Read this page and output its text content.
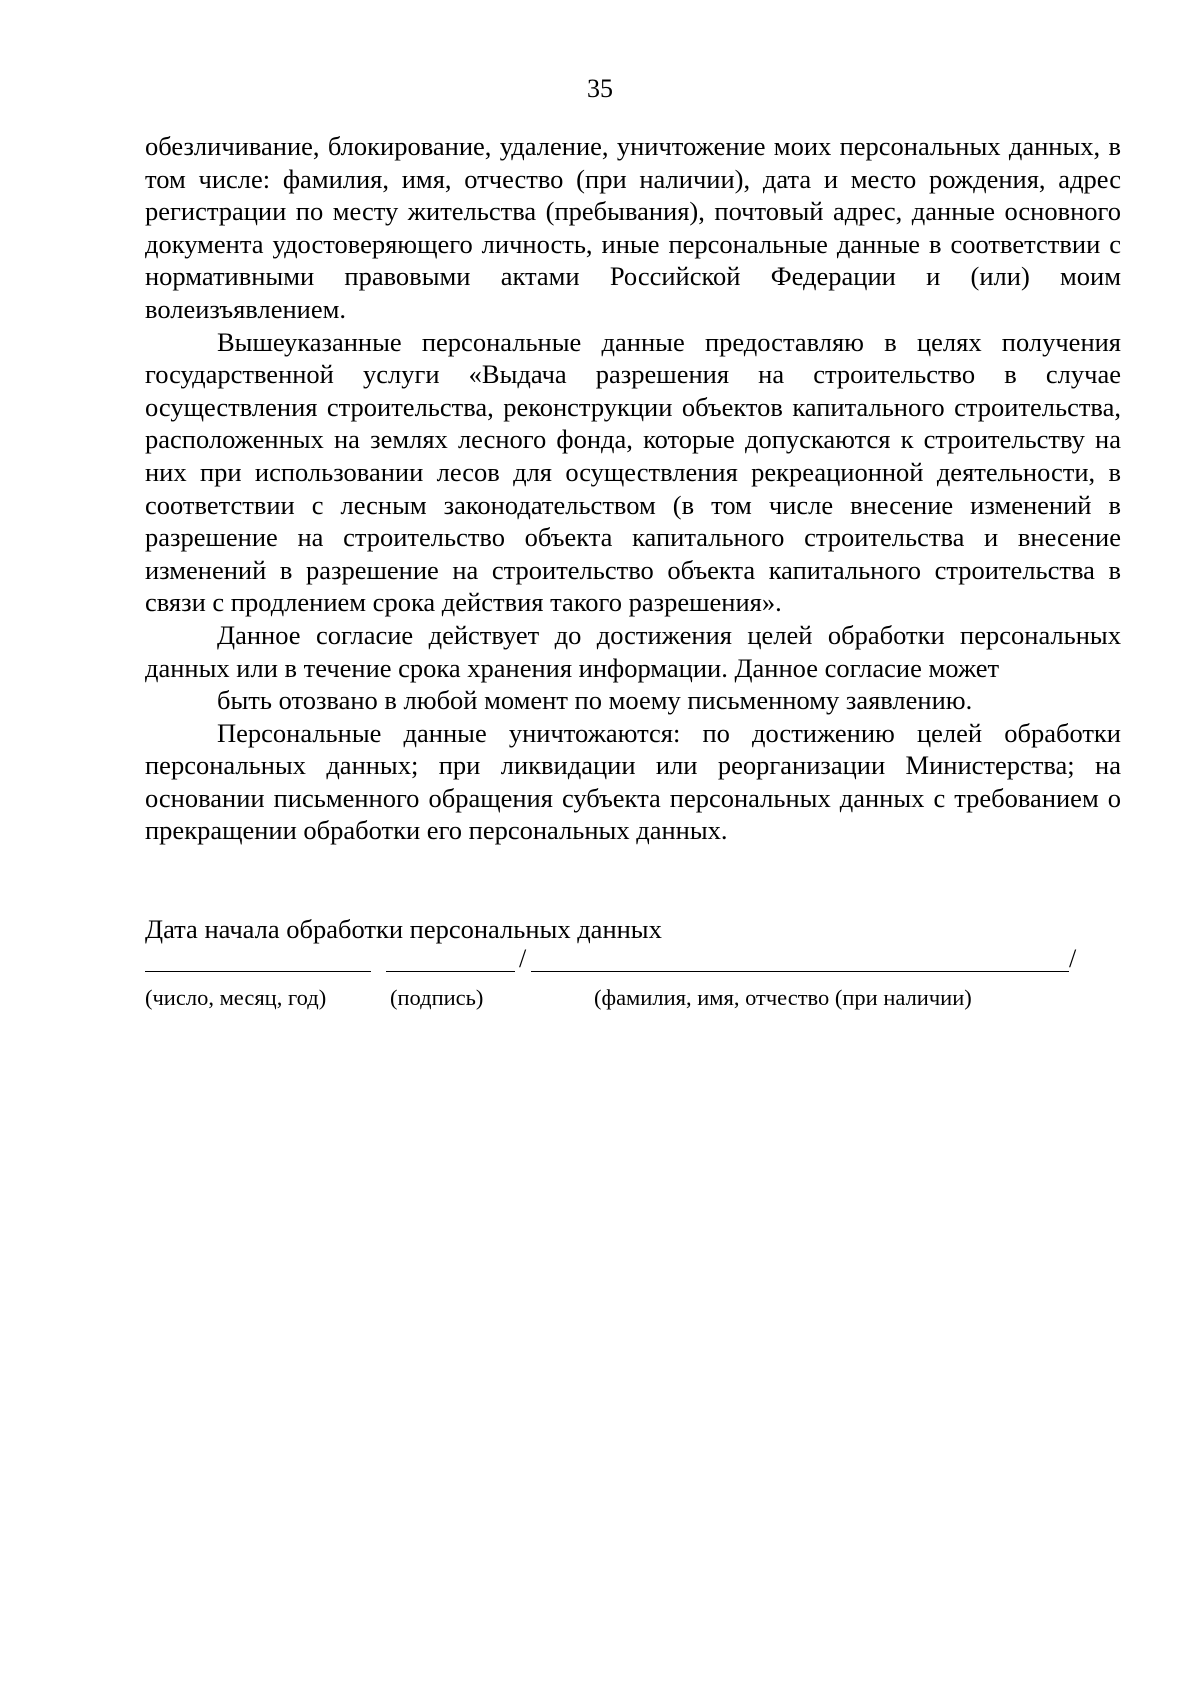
35

обезличивание, блокирование, удаление, уничтожение моих персональных данных, в том числе: фамилия, имя, отчество (при наличии), дата и место рождения, адрес регистрации по месту жительства (пребывания), почтовый адрес, данные основного документа удостоверяющего личность, иные персональные данные в соответствии с нормативными правовыми актами Российской Федерации и (или) моим волеизъявлением.

Вышеуказанные персональные данные предоставляю в целях получения государственной услуги «Выдача разрешения на строительство в случае осуществления строительства, реконструкции объектов капитального строительства, расположенных на землях лесного фонда, которые допускаются к строительству на них при использовании лесов для осуществления рекреационной деятельности, в соответствии с лесным законодательством (в том числе внесение изменений в разрешение на строительство объекта капитального строительства и внесение изменений в разрешение на строительство объекта капитального строительства в связи с продлением срока действия такого разрешения».

Данное согласие действует до достижения целей обработки персональных данных или в течение срока хранения информации. Данное согласие может
быть отозвано в любой момент по моему письменному заявлению.

Персональные данные уничтожаются: по достижению целей обработки персональных данных; при ликвидации или реорганизации Министерства; на основании письменного обращения субъекта персональных данных с требованием о прекращении обработки его персональных данных.

Дата начала обработки персональных данных
/	/
(число, месяц, год)	(подпись)	(фамилия, имя, отчество (при наличии)
